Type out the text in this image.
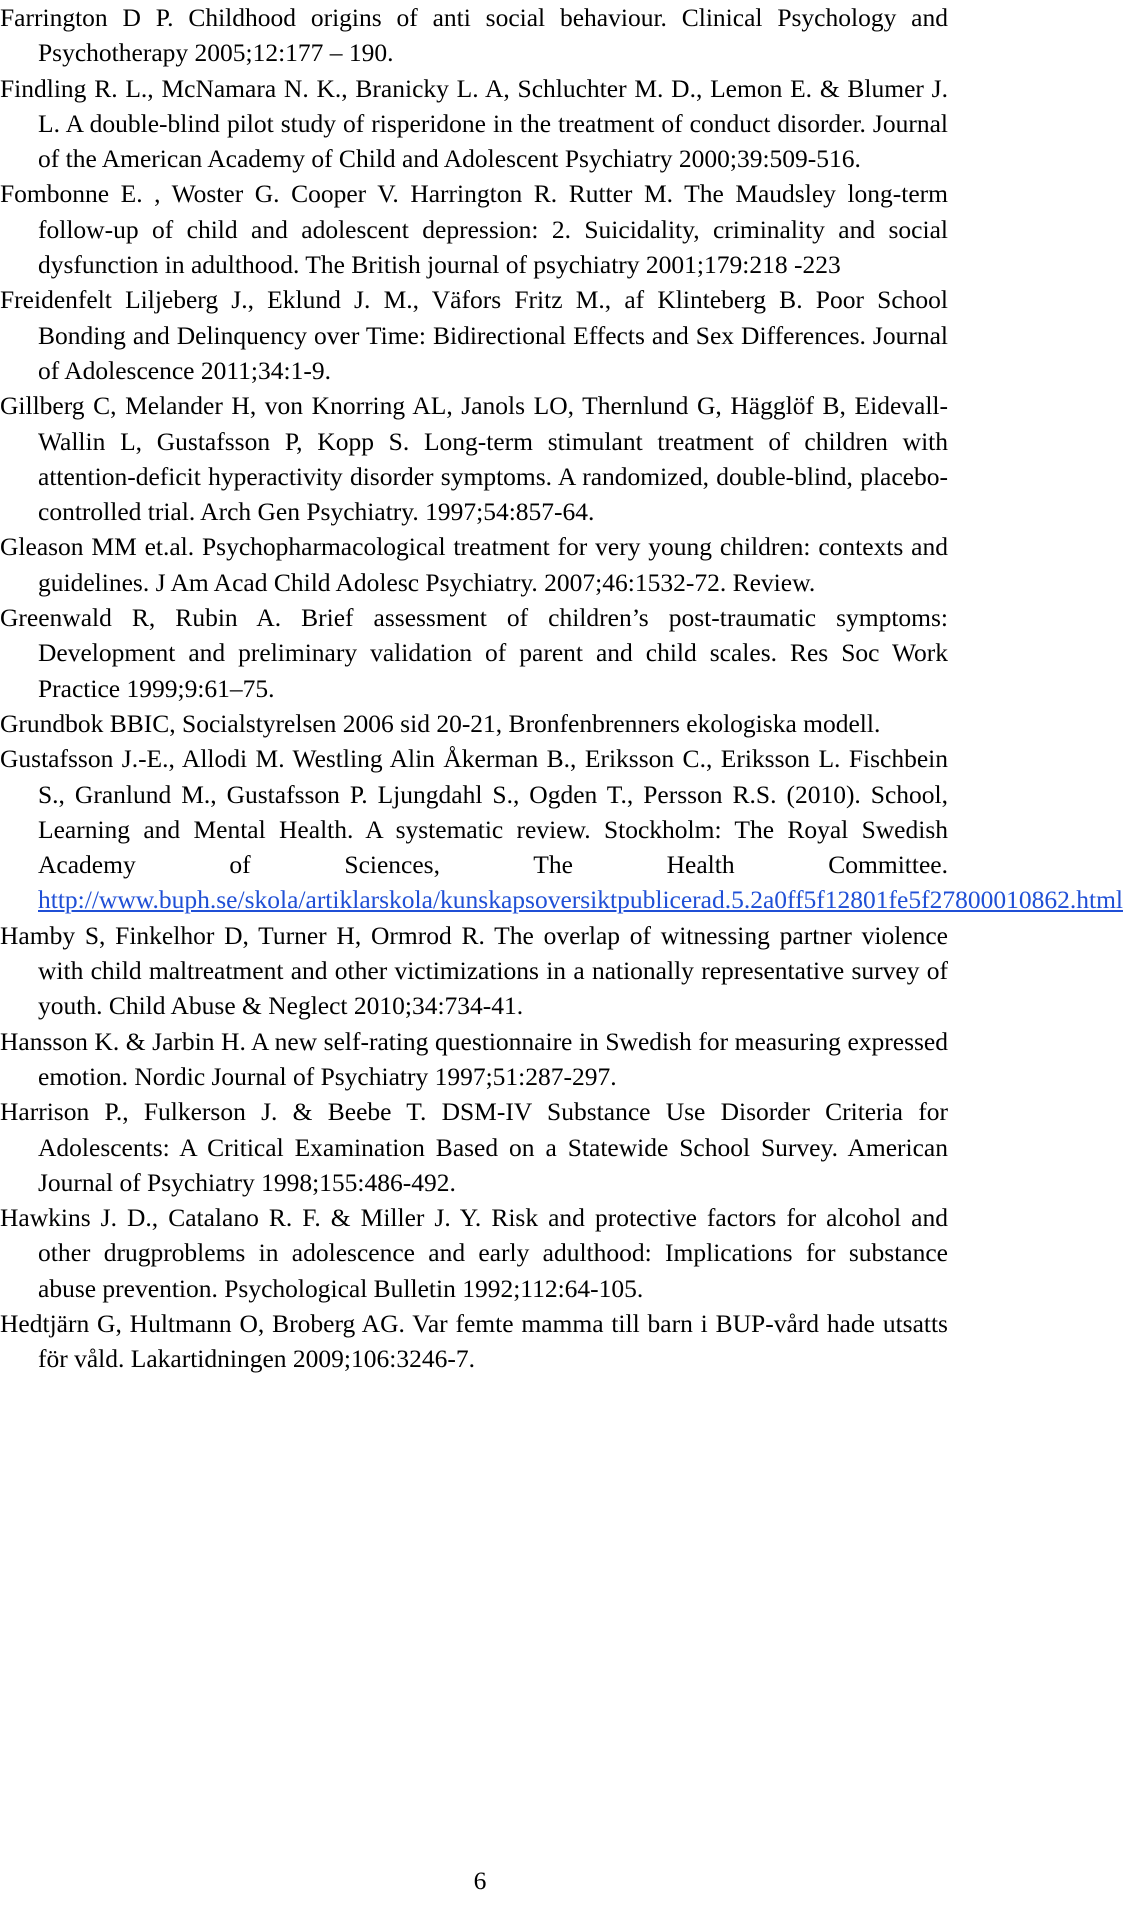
Farrington D P. Childhood origins of anti social behaviour. Clinical Psychology and Psychotherapy 2005;12:177 – 190.

Findling R. L., McNamara N. K., Branicky L. A, Schluchter M. D., Lemon E. & Blumer J. L. A double-blind pilot study of risperidone in the treatment of conduct disorder. Journal of the American Academy of Child and Adolescent Psychiatry 2000;39:509-516.

Fombonne E. , Woster G. Cooper V. Harrington R. Rutter M. The Maudsley long-term follow-up of child and adolescent depression: 2. Suicidality, criminality and social dysfunction in adulthood. The British journal of psychiatry 2001;179:218 -223

Freidenfelt Liljeberg J., Eklund J. M., Väfors Fritz M., af Klinteberg B. Poor School Bonding and Delinquency over Time: Bidirectional Effects and Sex Differences. Journal of Adolescence 2011;34:1-9.

Gillberg C, Melander H, von Knorring AL, Janols LO, Thernlund G, Hägglöf B, Eidevall-Wallin L, Gustafsson P, Kopp S. Long-term stimulant treatment of children with attention-deficit hyperactivity disorder symptoms. A randomized, double-blind, placebo-controlled trial. Arch Gen Psychiatry. 1997;54:857-64.

Gleason MM et.al. Psychopharmacological treatment for very young children: contexts and guidelines. J Am Acad Child Adolesc Psychiatry. 2007;46:1532-72. Review.

Greenwald R, Rubin A. Brief assessment of children’s post-traumatic symptoms: Development and preliminary validation of parent and child scales. Res Soc Work Practice 1999;9:61–75.

Grundbok BBIC, Socialstyrelsen 2006 sid 20-21, Bronfenbrenners ekologiska modell.

Gustafsson J.-E., Allodi M. Westling Alin Åkerman B., Eriksson C., Eriksson L. Fischbein S., Granlund M., Gustafsson P. Ljungdahl S., Ogden T., Persson R.S. (2010). School, Learning and Mental Health. A systematic review. Stockholm: The Royal Swedish Academy of Sciences, The Health Committee. http://www.buph.se/skola/artiklarskola/kunskapsoversiktpublicerad.5.2a0ff5f12801fe5f27800010862.html

Hamby S, Finkelhor D, Turner H, Ormrod R. The overlap of witnessing partner violence with child maltreatment and other victimizations in a nationally representative survey of youth. Child Abuse & Neglect 2010;34:734-41.

Hansson K. & Jarbin H. A new self-rating questionnaire in Swedish for measuring expressed emotion. Nordic Journal of Psychiatry 1997;51:287-297.

Harrison P., Fulkerson J. & Beebe T. DSM-IV Substance Use Disorder Criteria for Adolescents: A Critical Examination Based on a Statewide School Survey. American Journal of Psychiatry 1998;155:486-492.

Hawkins J. D., Catalano R. F. & Miller J. Y. Risk and protective factors for alcohol and other drugproblems in adolescence and early adulthood: Implications for substance abuse prevention. Psychological Bulletin 1992;112:64-105.

Hedtjärn G, Hultmann O, Broberg AG. Var femte mamma till barn i BUP-vård hade utsatts för våld. Lakartidningen 2009;106:3246-7.

6
